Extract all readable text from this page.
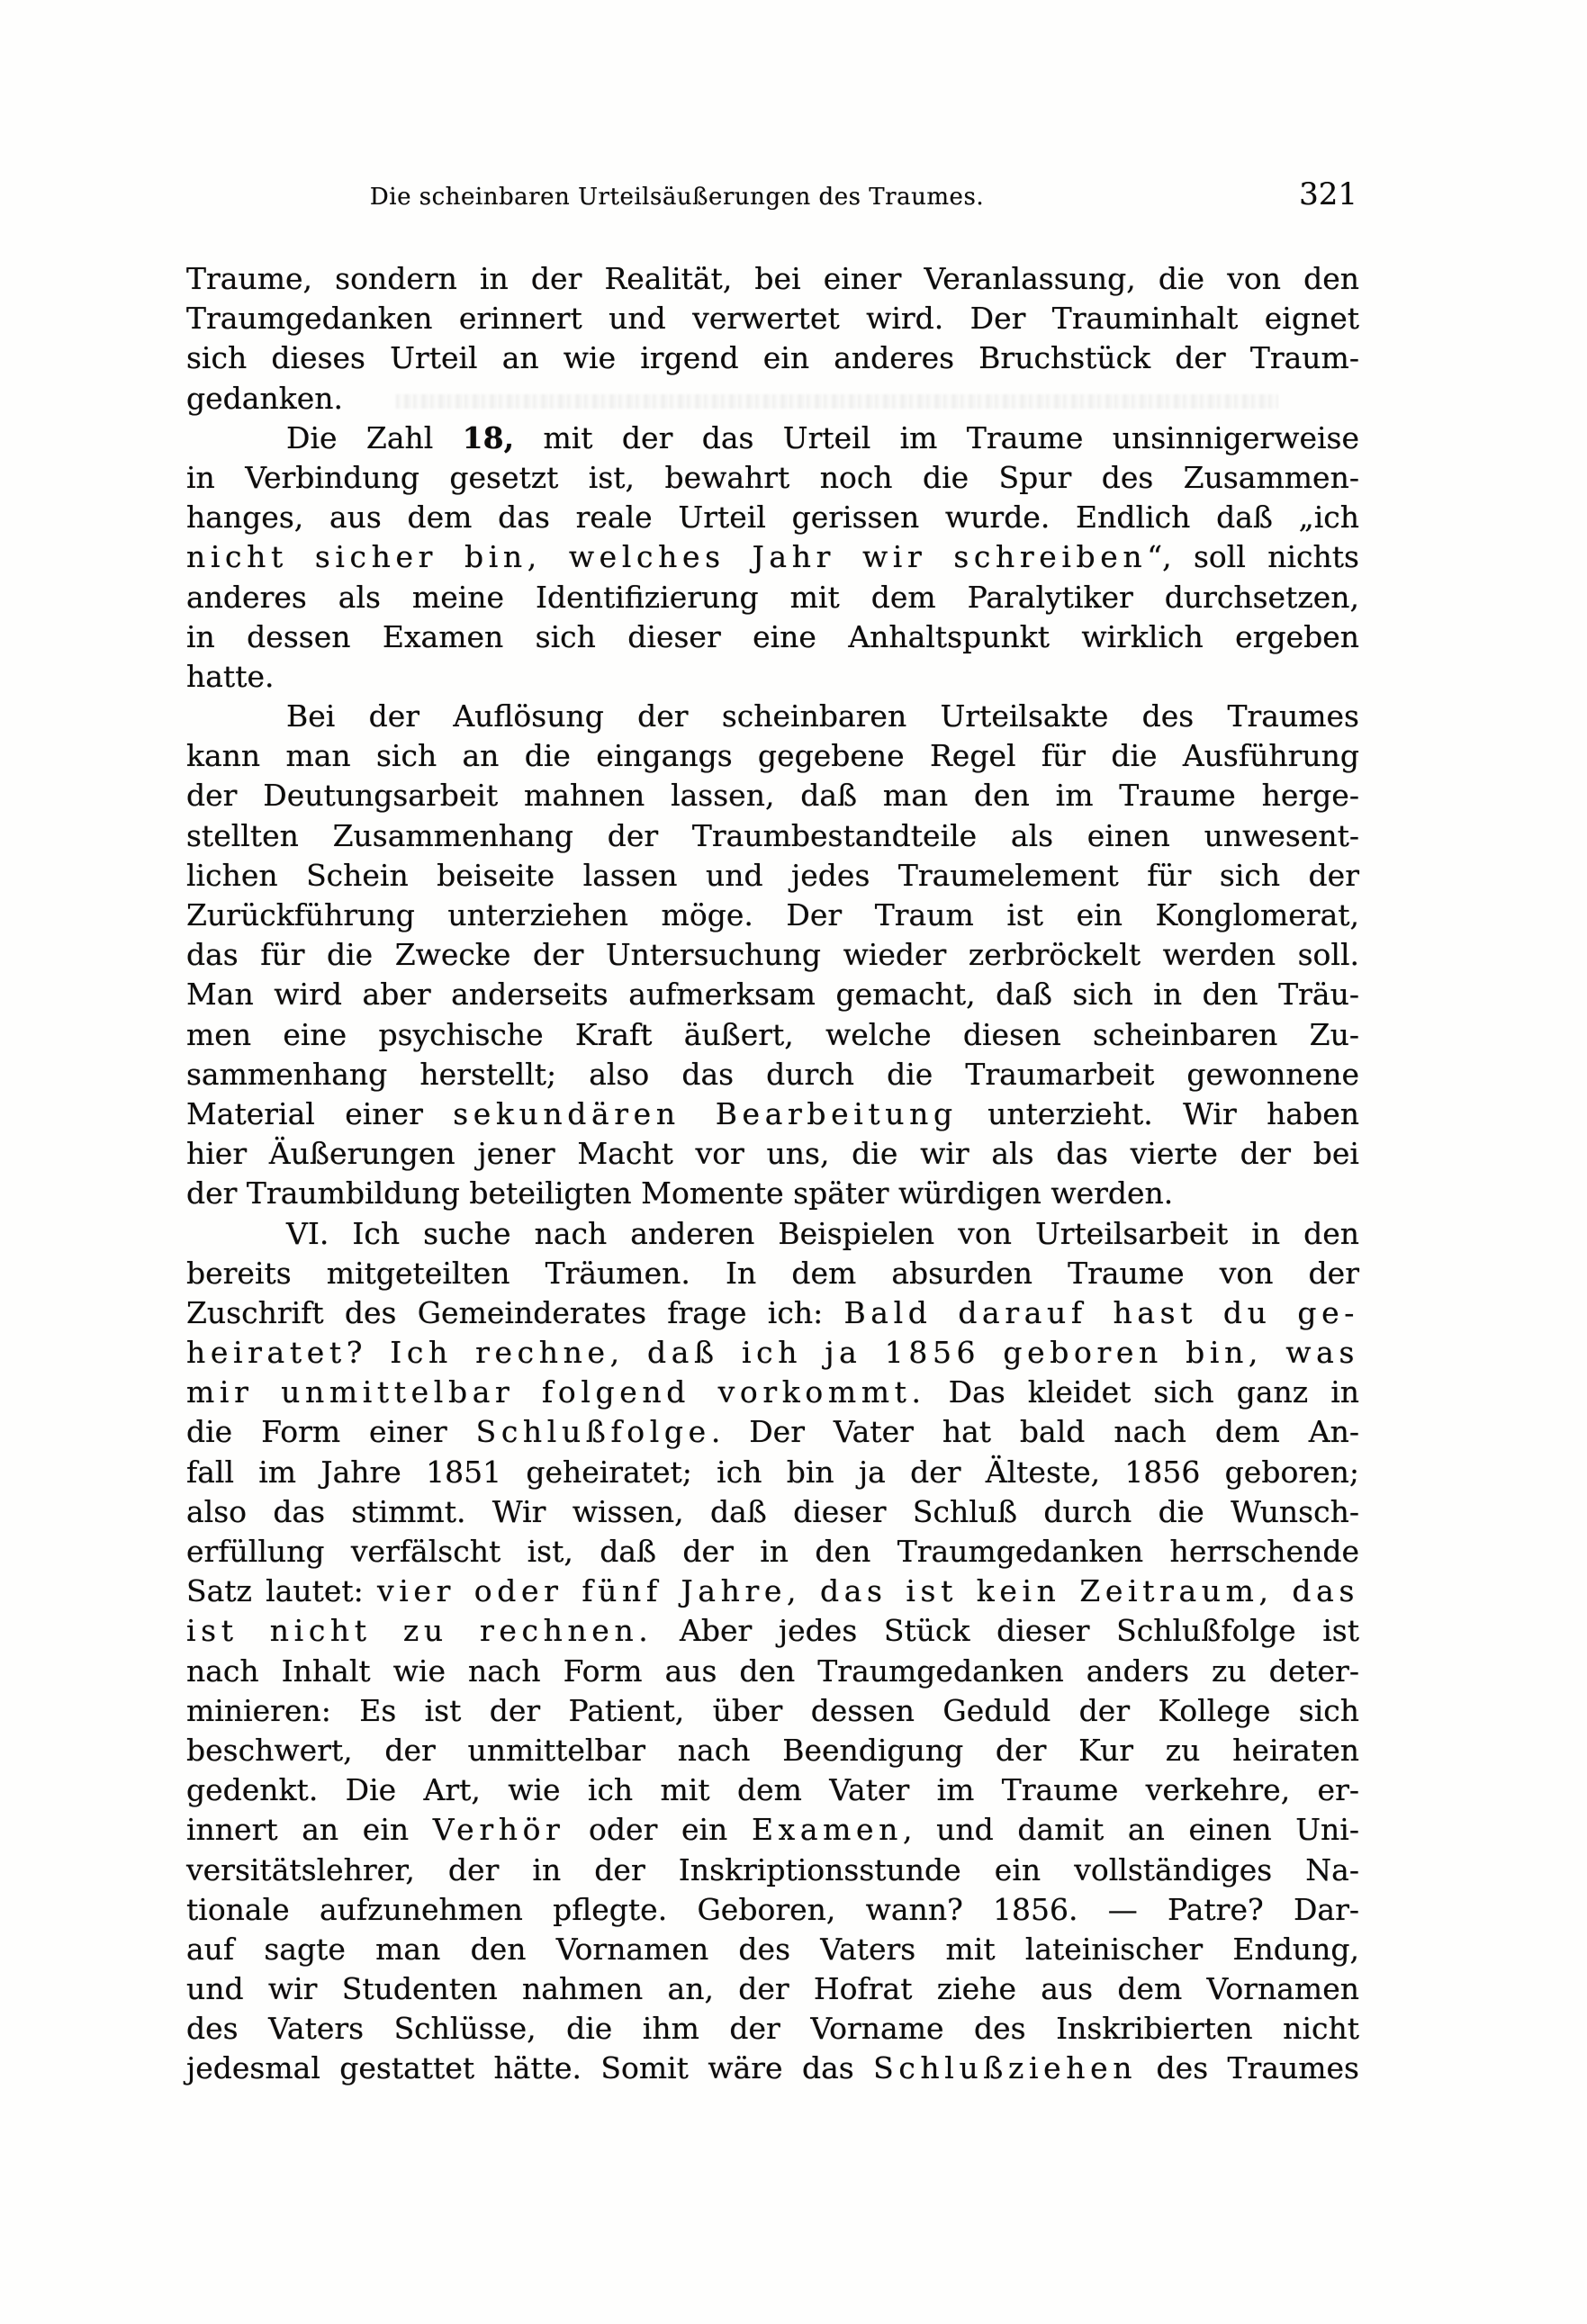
Die scheinbaren Urteilsäußerungen des Traumes.	321
Traume, sondern in der Realität, bei einer Veranlassung, die von den
Traumgedanken erinnert und verwertet wird. Der Trauminhalt eignet
sich dieses Urteil an wie irgend ein anderes Bruchstück der Traum-
gedanken.
Die Zahl 18, mit der das Urteil im Traume unsinnigerweise
in Verbindung gesetzt ist, bewahrt noch die Spur des Zusammen-
hanges, aus dem das reale Urteil gerissen wurde. Endlich daß „ich
nicht sicher bin, welches Jahr wir schreiben“, soll nichts
anderes als meine Identifizierung mit dem Paralytiker durchsetzen,
in dessen Examen sich dieser eine Anhaltspunkt wirklich ergeben
hatte.
Bei der Auflösung der scheinbaren Urteilsakte des Traumes
kann man sich an die eingangs gegebene Regel für die Ausführung
der Deutungsarbeit mahnen lassen, daß man den im Traume herge-
stellten Zusammenhang der Traumbestandteile als einen unwesent-
lichen Schein beiseite lassen und jedes Traumelement für sich der
Zurückführung unterziehen möge. Der Traum ist ein Konglomerat,
das für die Zwecke der Untersuchung wieder zerbröckelt werden soll.
Man wird aber anderseits aufmerksam gemacht, daß sich in den Träu-
men eine psychische Kraft äußert, welche diesen scheinbaren Zu-
sammenhang herstellt; also das durch die Traumarbeit gewonnene
Material einer sekundären Bearbeitung unterzieht. Wir haben
hier Äußerungen jener Macht vor uns, die wir als das vierte der bei
der Traumbildung beteiligten Momente später würdigen werden.
VI. Ich suche nach anderen Beispielen von Urteilsarbeit in den
bereits mitgeteilten Träumen. In dem absurden Traume von der
Zuschrift des Gemeinderates frage ich: Bald darauf hast du ge-
heiratet? Ich rechne, daß ich ja 1856 geboren bin, was
mir unmittelbar folgend vorkommt. Das kleidet sich ganz in
die Form einer Schlußfolge. Der Vater hat bald nach dem An-
fall im Jahre 1851 geheiratet; ich bin ja der Älteste, 1856 geboren;
also das stimmt. Wir wissen, daß dieser Schluß durch die Wunsch-
erfüllung verfälscht ist, daß der in den Traumgedanken herrschende
Satz lautet: vier oder fünf Jahre, das ist kein Zeitraum, das
ist nicht zu rechnen. Aber jedes Stück dieser Schlußfolge ist
nach Inhalt wie nach Form aus den Traumgedanken anders zu deter-
minieren: Es ist der Patient, über dessen Geduld der Kollege sich
beschwert, der unmittelbar nach Beendigung der Kur zu heiraten
gedenkt. Die Art, wie ich mit dem Vater im Traume verkehre, er-
innert an ein Verhör oder ein Examen, und damit an einen Uni-
versitätslehrer, der in der Inskriptionsstunde ein vollständiges Na-
tionale aufzunehmen pflegte. Geboren, wann? 1856. — Patre? Dar-
auf sagte man den Vornamen des Vaters mit lateinischer Endung,
und wir Studenten nahmen an, der Hofrat ziehe aus dem Vornamen
des Vaters Schlüsse, die ihm der Vorname des Inskribierten nicht
jedesmal gestattet hätte. Somit wäre das Schlußziehen des Traumes
